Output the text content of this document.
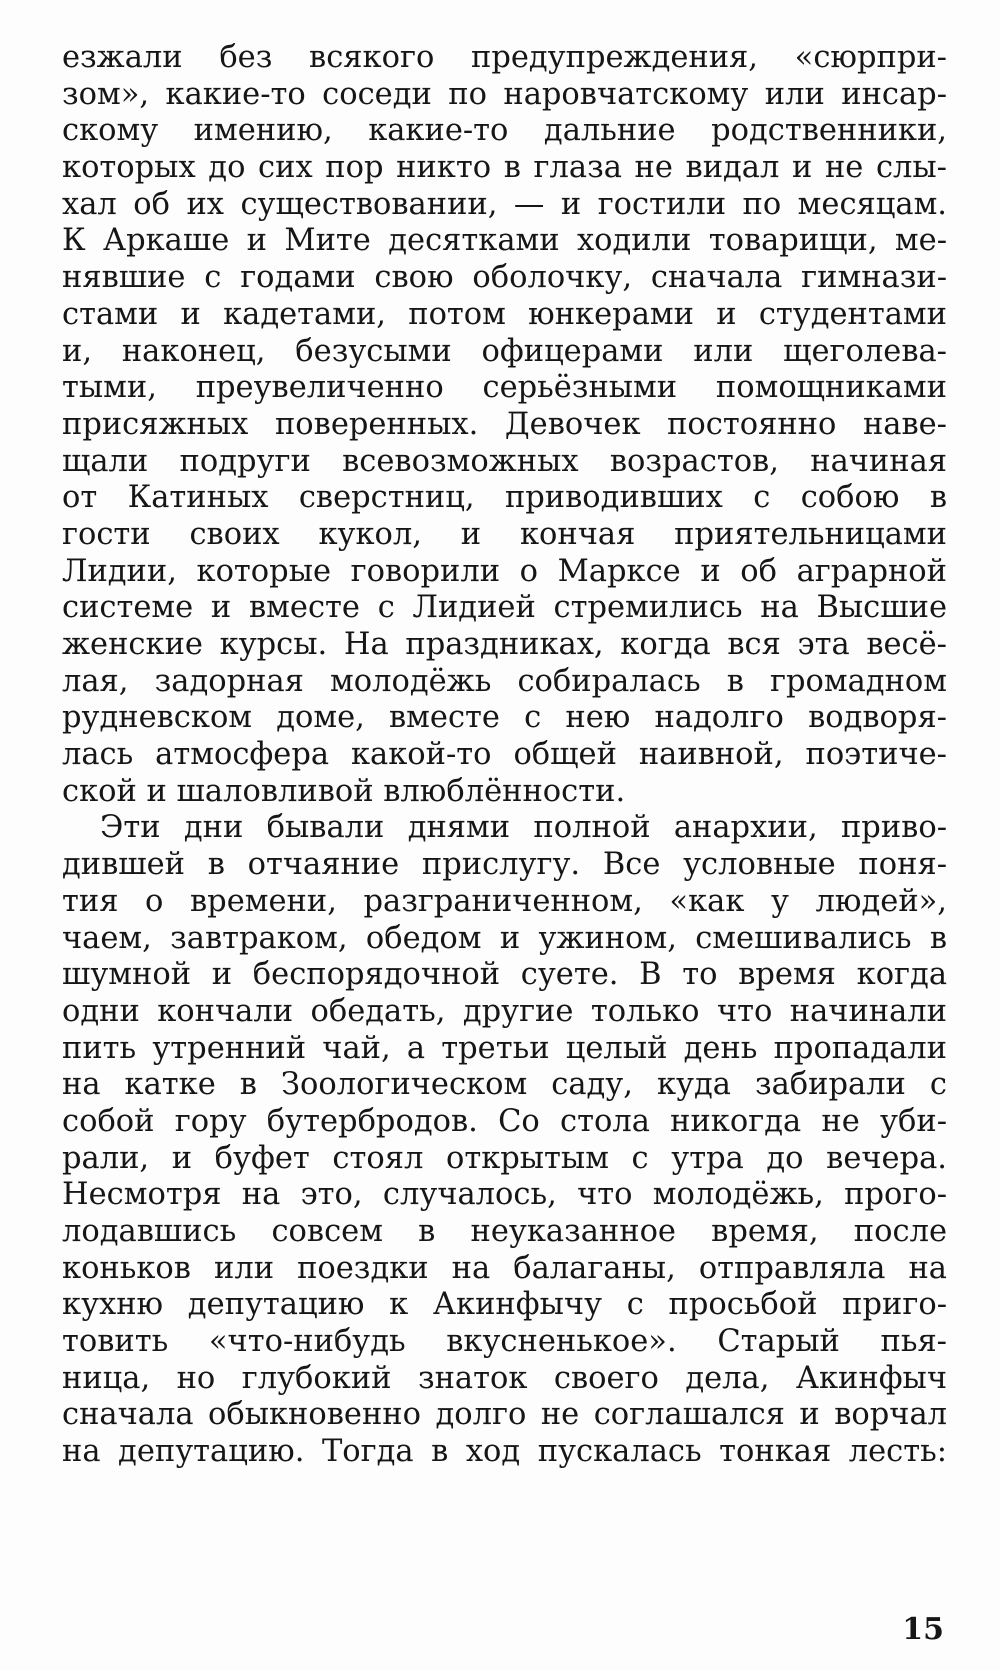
езжали без всякого предупреждения, «сюрпри-
зом», какие-то соседи по наровчатскому или инсар-
скому имению, какие-то дальние родственники,
которых до сих пор никто в глаза не видал и не слы-
хал об их существовании, — и гостили по месяцам.
К Аркаше и Мите десятками ходили товарищи, ме-
нявшие с годами свою оболочку, сначала гимнази-
стами и кадетами, потом юнкерами и студентами
и, наконец, безусыми офицерами или щеголева-
тыми, преувеличенно серьёзными помощниками
присяжных поверенных. Девочек постоянно наве-
щали подруги всевозможных возрастов, начиная
от Катиных сверстниц, приводивших с собою в
гости своих кукол, и кончая приятельницами
Лидии, которые говорили о Марксе и об аграрной
системе и вместе с Лидией стремились на Высшие
женские курсы. На праздниках, когда вся эта весё-
лая, задорная молодёжь собиралась в громадном
рудневском доме, вместе с нею надолго водворя-
лась атмосфера какой-то общей наивной, поэтиче-
ской и шаловливой влюблённости.
Эти дни бывали днями полной анархии, приво-
дившей в отчаяние прислугу. Все условные поня-
тия о времени, разграниченном, «как у людей»,
чаем, завтраком, обедом и ужином, смешивались в
шумной и беспорядочной суете. В то время когда
одни кончали обедать, другие только что начинали
пить утренний чай, а третьи целый день пропадали
на катке в Зоологическом саду, куда забирали с
собой гору бутербродов. Со стола никогда не уби-
рали, и буфет стоял открытым с утра до вечера.
Несмотря на это, случалось, что молодёжь, прого-
лодавшись совсем в неуказанное время, после
коньков или поездки на балаганы, отправляла на
кухню депутацию к Акинфычу с просьбой приго-
товить «что-нибудь вкусненькое». Старый пья-
ница, но глубокий знаток своего дела, Акинфыч
сначала обыкновенно долго не соглашался и ворчал
на депутацию. Тогда в ход пускалась тонкая лесть:
15
